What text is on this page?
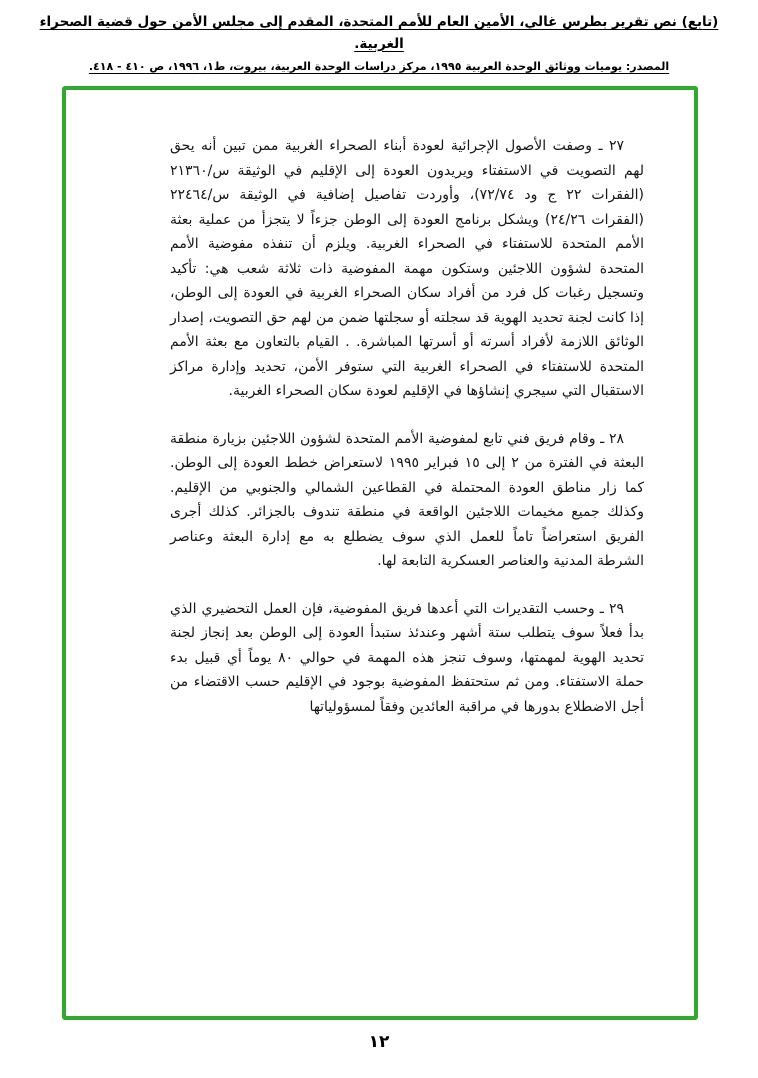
(تابع) نص تقرير بطرس غالي، الأمين العام للأمم المتحدة، المقدم إلى مجلس الأمن حول قضية الصحراء الغربية.
المصدر: يوميات ووثائق الوحدة العربية ١٩٩٥، مركز دراسات الوحدة العربية، بيروت، ط١، ١٩٩٦، ص ٤١٠ - ٤١٨.

٢٧ ـ وصفت الأصول الإجرائية لعودة أبناء الصحراء الغربية ممن تبين أنه يحق لهم التصويت في الاستفتاء ويريدون العودة إلى الإقليم في الوثيقة س/٢١٣٦٠ (الفقرات ٢٢ ج ود ٧٢/٧٤)، وأوردت تفاصيل إضافية في الوثيقة س/٢٢٤٦٤ (الفقرات ٢٤/٢٦) ويشكل برنامج العودة إلى الوطن جزءاً لا يتجزأ من عملية بعثة الأمم المتحدة للاستفتاء في الصحراء الغربية. ويلزم أن تنفذه مفوضية الأمم المتحدة لشؤون اللاجئين وستكون مهمة المفوضية ذات ثلاثة شعب هي: تأكيد وتسجيل رغبات كل فرد من أفراد سكان الصحراء الغربية في العودة إلى الوطن، إذا كانت لجنة تحديد الهوية قد سجلته أو سجلتها ضمن من لهم حق التصويت، إصدار الوثائق اللازمة لأفراد أسرته أو أسرتها المباشرة. . القيام بالتعاون مع بعثة الأمم المتحدة للاستفتاء في الصحراء الغربية التي ستوفر الأمن، تحديد وإدارة مراكز الاستقبال التي سيجري إنشاؤها في الإقليم لعودة سكان الصحراء الغربية.

٢٨ ـ وقام فريق فني تابع لمفوضية الأمم المتحدة لشؤون اللاجئين بزيارة منطقة البعثة في الفترة من ٢ إلى ١٥ فبراير ١٩٩٥ لاستعراض خطط العودة إلى الوطن. كما زار مناطق العودة المحتملة في القطاعين الشمالي والجنوبي من الإقليم. وكذلك جميع مخيمات اللاجئين الواقعة في منطقة تندوف بالجزائر. كذلك أجرى الفريق استعراضاً تاماً للعمل الذي سوف يضطلع به مع إدارة البعثة وعناصر الشرطة المدنية والعناصر العسكرية التابعة لها.

٢٩ ـ وحسب التقديرات التي أعدها فريق المفوضية، فإن العمل التحضيري الذي بدأ فعلاً سوف يتطلب ستة أشهر وعندئذ ستبدأ العودة إلى الوطن بعد إنجاز لجنة تحديد الهوية لمهمتها، وسوف تنجز هذه المهمة في حوالي ٨٠ يوماً أي قبيل بدء حملة الاستفتاء. ومن ثم ستحتفظ المفوضية بوجود في الإقليم حسب الاقتضاء من أجل الاضطلاع بدورها في مراقبة العائدين وفقاً لمسؤولياتها

١٢
